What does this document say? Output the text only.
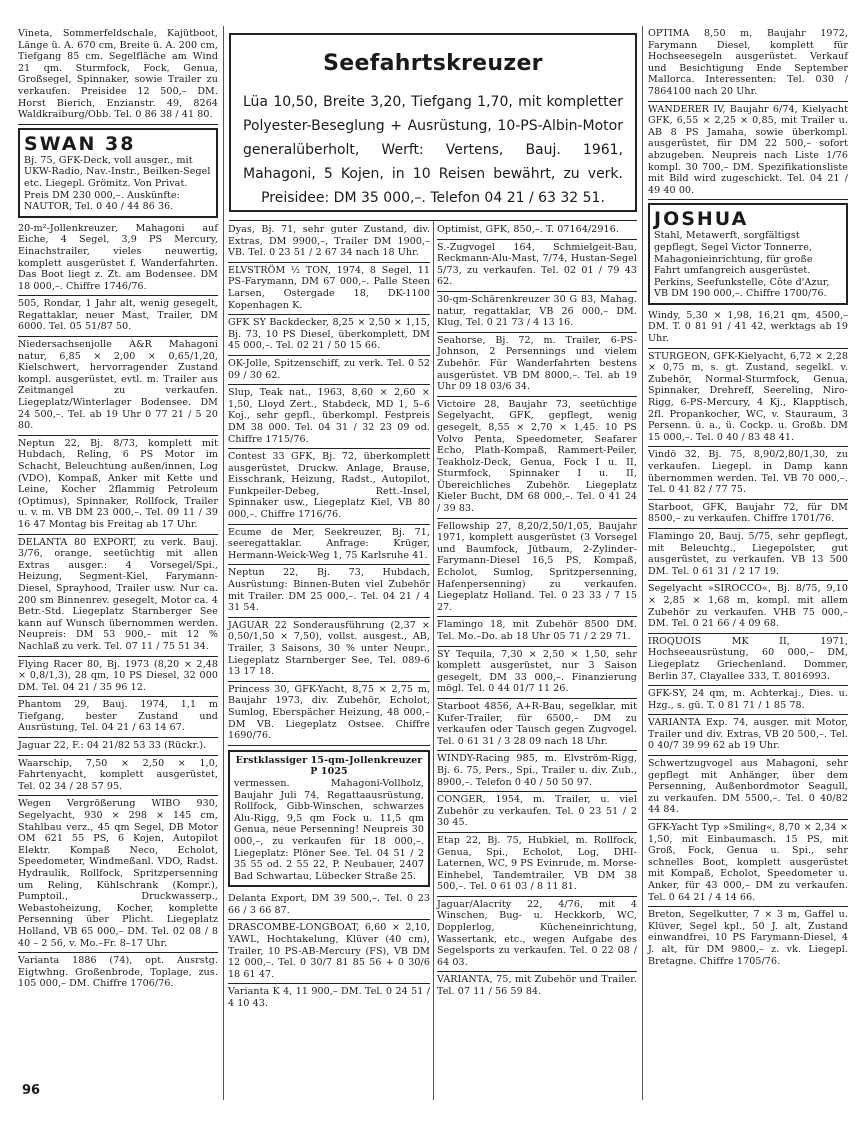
Seefahrtskreuzer
Lüa 10,50, Breite 3,20, Tiefgang 1,70, mit kompletter Polyester-Beseglung + Ausrüstung, 10-PS-Albin-Motor generalüberholt, Werft: Vertens, Bauj. 1961, Mahagoni, 5 Kojen, in 10 Reisen bewährt, zu verk. Preisidee: DM 35 000,–. Telefon 04 21 / 63 32 51.
Vineta, Sommerfeldschale, Kajütboot, Länge ü. A. 670 cm, Breite ü. A. 200 cm, Tiefgang 85 cm. Segelfläche am Wind 21 qm. Sturmfock, Fock, Genua, Großsegel, Spinnaker, sowie Trailer zu verkaufen. Preisidee 12 500,– DM. Horst Bierich, Enzianstr. 49, 8264 Waldkraiburg/Obb. Tel. 0 86 38 / 41 80.
SWAN 38
Bj. 75, GFK-Deck, voll ausger., mit UKW-Radio, Nav.-Instr., Beilken-Segel etc. Liegepl. Grömitz. Von Privat. Preis DM 230 000,–. Auskünfte: NAUTOR, Tel. 0 40 / 44 86 36.
20-m²-Jollenkreuzer, Mahagoni auf Eiche, 4 Segel, 3,9 PS Mercury, Einachstrailer, vieles neuwertig, komplett ausgerüstet f. Wanderfahrten. Das Boot liegt z. Zt. am Bodensee. DM 18 000,–. Chiffre 1746/76.
505, Rondar, 1 Jahr alt, wenig gesegelt, Regattaklar, neuer Mast, Trailer, DM 6000. Tel. 05 51/87 50.
Niedersachsenjolle A&R Mahagoni natur, 6,85 × 2,00 × 0,65/1,20, Kielschwert, hervorragender Zustand kompl. ausgerüstet, evtl. m. Trailer aus Zeitmangel zu verkaufen. Liegeplatz/Winterlager Bodensee. DM 24 500,–. Tel. ab 19 Uhr 0 77 21 / 5 20 80.
Neptun 22, Bj. 8/73, komplett mit Hubdach, Reling, 6 PS Motor im Schacht, Beleuchtung außen/innen, Log (VDO), Kompaß, Anker mit Kette und Leine, Kocher 2flammig Petroleum (Optimus), Spinnaker, Rollfock, Trailer u. v. m. VB DM 23 000,–. Tel. 09 11 / 39 16 47 Montag bis Freitag ab 17 Uhr.
DELANTA 80 EXPORT, zu verk. Bauj. 3/76, orange, seetüchtig mit allen Extras ausger.: 4 Vorsegel/Spi., Heizung, Segment-Kiel, Farymann-Diesel, Sprayhood, Trailer usw. Nur ca. 200 sm Binnenrev. gesegelt, Motor ca. 4 Betr.-Std. Liegeplatz Starnberger See kann auf Wunsch übernommen werden. Neupreis: DM 53 900,– mit 12 % Nachlaß zu verk. Tel. 07 11 / 75 51 34.
Flying Racer 80, Bj. 1973 (8,20 × 2,48 × 0,8/1,3), 28 qm, 10 PS Diesel, 32 000 DM. Tel. 04 21 / 35 96 12.
Phantom 29, Bauj. 1974, 1,1 m Tiefgang, bester Zustand und Ausrüstung, Tel. 04 21 / 63 14 67.
Jaguar 22, F.: 04 21/82 53 33 (Rückr.).
Waarschip, 7,50 × 2,50 × 1,0, Fahrtenyacht, komplett ausgerüstet, Tel. 02 34 / 28 57 95.
Wegen Vergrößerung WIBO 930, Segelyacht, 930 × 298 × 145 cm, Stahlbau verz., 45 qm Segel, DB Motor OM 621 55 PS, 6 Kojen, Autopilot Elektr. Kompaß Neco, Echolot, Speedometer, Windmeßanl. VDO, Radst. Hydraulik, Rollfock, Spritzpersenning um Reling, Kühlschrank (Kompr.), Pumptoil., Druckwasserp., Webastoheizung, Kocher, komplette Persenning über Plicht. Liegeplatz Holland, VB 65 000,– DM. Tel. 02 08 / 8 40 – 2 56, v. Mo.–Fr. 8–17 Uhr.
Varianta 1886 (74), opt. Ausrstg. Eigtwhng. Großenbrode, Toplage, zus. 105 000,– DM. Chiffre 1706/76.
Dyas, Bj. 71, sehr guter Zustand, div. Extras, DM 9900,–, Trailer DM 1900,– VB. Tel. 0 23 51 / 2 67 34 nach 18 Uhr.
ELVSTRÖM ½ TON, 1974, 8 Segel, 11 PS-Farymann, DM 67 000,–. Palle Steen Larsen, Ostergade 18, DK-1100 Kopenhagen K.
GFK SY Backdecker, 8,25 × 2,50 × 1,15, Bj. 73, 10 PS Diesel, überkomplett, DM 45 000,–. Tel. 02 21 / 50 15 66.
OK-Jolle, Spitzenschiff, zu verk. Tel. 0 52 09 / 30 62.
Slup, Teak nat., 1963, 8,60 × 2,60 × 1,50, Lloyd Zert., Stabdeck, MD 1, 5–6 Koj., sehr gepfl., überkompl. Festpreis DM 38 000. Tel. 04 31 / 32 23 09 od. Chiffre 1715/76.
Contest 33 GFK, Bj. 72, überkomplett ausgerüstet, Druckw. Anlage, Brause, Eisschrank, Heizung, Radst., Autopilot, Funkpeiler-Debeg, Rett.-Insel, Spinnaker usw., Liegeplatz Kiel, VB 80 000,–. Chiffre 1716/76.
Ecume de Mer, Seekreuzer, Bj. 71, seeregattaklar. Anfrage: Krüger, Hermann-Weick-Weg 1, 75 Karlsruhe 41.
Neptun 22, Bj. 73, Hubdach, Ausrüstung: Binnen-Buten viel Zubehör mit Trailer. DM 25 000,–. Tel. 04 21 / 4 31 54.
JAGUAR 22 Sonderausführung (2,37 × 0,50/1,50 × 7,50), vollst. ausgest., AB, Trailer, 3 Saisons, 30 % unter Neupr., Liegeplatz Starnberger See, Tel. 089-6 13 17 18.
Princess 30, GFK-Yacht, 8,75 × 2,75 m, Baujahr 1973, div. Zubehör, Echolot, Sumlog, Eberspächer Heizung, 48 000,– DM VB. Liegeplatz Ostsee. Chiffre 1690/76.
Erstklassiger 15-qm-Jollenkreuzer P 1025
vermessen. Mahagoni-Vollholz, Baujahr Juli 74, Regattaausrüstung, Rollfock, Gibb-Winschen, schwarzes Alu-Rigg, 9,5 qm Fock u. 11,5 qm Genua, neue Persenning! Neupreis 30 000,–, zu verkaufen für 18 000,–. Liegeplatz: Plöner See. Tel. 04 51 / 2 35 55 od. 2 55 22, P. Neubauer, 2407 Bad Schwartau, Lübecker Straße 25.
Delanta Export, DM 39 500,–. Tel. 0 23 66 / 3 66 87.
DRASCOMBE-LONGBOAT, 6,60 × 2,10, YAWL, Hochtakelung, Klüver (40 cm), Trailer, 10 PS-AB-Mercury (FS), VB DM 12 000,–. Tel. 0 30/7 81 85 56 + 0 30/6 18 61 47.
Varianta K 4, 11 900,– DM. Tel. 0 24 51 / 4 10 43.
Optimist, GFK, 850,–. T. 07164/2916.
S.-Zugvogel 164, Schmielgeit-Bau, Reckmann-Alu-Mast, 7/74, Hustan-Segel 5/73, zu verkaufen. Tel. 02 01 / 79 43 62.
30-qm-Schärenkreuzer 30 G 83, Mahag. natur, regattaklar, VB 26 000,– DM. Klug, Tel. 0 21 73 / 4 13 16.
Seahorse, Bj. 72, m. Trailer, 6-PS-Johnson, 2 Persennings und vielem Zubehör. Für Wanderfahrten bestens ausgerüstet. VB DM 8000,–. Tel. ab 19 Uhr 09 18 03/6 34.
Victoire 28, Baujahr 73, seetüchtige Segelyacht, GFK, gepflegt, wenig gesegelt, 8,55 × 2,70 × 1,45. 10 PS Volvo Penta, Speedometer, Seafarer Echo, Plath-Kompaß, Rammert-Peiler, Teakholz-Deck, Genua, Fock I u. II, Sturmfock, Spinnaker I u. II, Übereichliches Zubehör. Liegeplatz Kieler Bucht, DM 68 000,–. Tel. 0 41 24 / 39 83.
Fellowship 27, 8,20/2,50/1,05, Baujahr 1971, komplett ausgerüstet (3 Vorsegel und Baumfock, Jütbaum, 2-Zylinder-Farymann-Diesel 16,5 PS, Kompaß, Echolot, Sumlog, Spritzpersenning, Hafenpersenning) zu verkaufen. Liegeplatz Holland. Tel. 0 23 33 / 7 15 27.
Flamingo 18, mit Zubehör 8500 DM. Tel. Mo.–Do. ab 18 Uhr 05 71 / 2 29 71.
SY Tequila, 7,30 × 2,50 × 1,50, sehr komplett ausgerüstet, nur 3 Saison gesegelt, DM 33 000,–. Finanzierung mögl. Tel. 0 44 01/7 11 26.
Starboot 4856, A+R-Bau, segelklar, mit Kufer-Trailer, für 6500,– DM zu verkaufen oder Tausch gegen Zugvogel. Tel. 0 61 31 / 3 28 09 nach 18 Uhr.
WINDY-Racing 985, m. Elvström-Rigg, Bj. 6. 75, Pers., Spi., Trailer u. div. Zub., 8900,–. Telefon 0 40 / 50 50 97.
CONGER, 1954, m. Trailer, u. viel Zubehör zu verkaufen. Tel. 0 23 51 / 2 30 45.
Etap 22, Bj. 75, Hubkiel, m. Rollfock, Genua, Spi., Echolot, Log, DHI-Laternen, WC, 9 PS Evinrude, m. Morse-Einhebel, Tandemtrailer, VB DM 38 500,–. Tel. 0 61 03 / 8 11 81.
Jaguar/Alacrity 22, 4/76, mit 4 Winschen, Bug- u. Heckkorb, WC, Dopplerlog, Kücheneinrichtung, Wassertank, etc., wegen Aufgabe des Segelsports zu verkaufen. Tel. 0 22 08 / 64 03.
VARIANTA, 75, mit Zubehör und Trailer. Tel. 07 11 / 56 59 84.
OPTIMA 8,50 m, Baujahr 1972, Farymann Diesel, komplett für Hochseesegeln ausgerüstet. Verkauf und Besichtigung Ende September Mallorca. Interessenten: Tel. 030 / 7864100 nach 20 Uhr.
WANDERER IV, Baujahr 6/74, Kielyacht GFK, 6,55 × 2,25 × 0,85, mit Trailer u. AB 8 PS Jamaha, sowie überkompl. ausgerüstet, für DM 22 500,– sofort abzugeben. Neupreis nach Liste 1/76 kompl. 30 700,– DM. Spezifikationsliste mit Bild wird zugeschickt. Tel. 04 21 / 49 40 00.
JOSHUA
Stahl, Metawerft, sorgfältigst gepflegt, Segel Victor Tonnerre, Mahagonieinrichtung, für große Fahrt umfangreich ausgerüstet. Perkins, Seefunkstelle, Côte d'Azur, VB DM 190 000,–. Chiffre 1700/76.
Windy, 5,30 × 1,98, 16,21 qm, 4500,– DM. T. 0 81 91 / 41 42, werktags ab 19 Uhr.
STURGEON, GFK-Kielyacht, 6,72 × 2,28 × 0,75 m, s. gt. Zustand, segelkl. v. Zubehör, Normal-Sturmfock, Genua, Spinnaker, Drehreff, Seereling, Niro-Rigg, 6-PS-Mercury, 4 Kj., Klapptisch, 2fl. Propankocher, WC, v. Stauraum, 3 Persenn. ü. a., ü. Cockp. u. Großb. DM 15 000,–. Tel. 0 40 / 83 48 41.
Vindö 32, Bj. 75, 8,90/2,80/1,30, zu verkaufen. Liegepl. in Damp kann übernommen werden. Tel. VB 70 000,–. Tel. 0 41 82 / 77 75.
Starboot, GFK, Baujahr 72, für DM 8500,– zu verkaufen. Chiffre 1701/76.
Flamingo 20, Bauj. 5/75, sehr gepflegt, mit Beleuchtg., Liegepolster, gut ausgerüstet, zu verkaufen. VB 13 500 DM. Tel. 0 61 31 / 2 17 19.
Segelyacht »SIROCCO«, Bj. 8/75, 9,10 × 2,85 × 1,68 m, kompl. mit allem Zubehör zu verkaufen. VHB 75 000,– DM. Tel. 0 21 66 / 4 09 68.
IROQUOIS MK II, 1971, Hochseeausrüstung, 60 000,– DM, Liegeplatz Griechenland. Dommer, Berlin 37, Clayallee 333, T. 8016993.
GFK-SY, 24 qm, m. Achterkaj., Dies. u. Hzg., s. gü. T. 0 81 71 / 1 85 78.
VARIANTA Exp. 74, ausger. mit Motor, Trailer und div. Extras, VB 20 500,–. Tel. 0 40/7 39 99 62 ab 19 Uhr.
Schwertzugvogel aus Mahagoni, sehr gepflegt mit Anhänger, über dem Persenning, Außenbordmotor Seagull, zu verkaufen. DM 5500,–. Tel. 0 40/82 44 84.
GFK-Yacht Typ »Smiling«, 8,70 × 2,34 × 1,50, mit Einbaumasch. 15 PS, mit Groß, Fock, Genua u. Spi., sehr schnelles Boot, komplett ausgerüstet mit Kompaß, Echolot, Speedometer u. Anker, für 43 000,– DM zu verkaufen. Tel. 0 64 21 / 4 14 66.
Breton, Segelkutter, 7 × 3 m, Gaffel u. Klüver, Segel kpl., 50 J. alt, Zustand einwandfrei, 10 PS Farymann-Diesel, 4 J. alt, für DM 9800,– z. vk. Liegepl. Bretagne. Chiffre 1705/76.
96
